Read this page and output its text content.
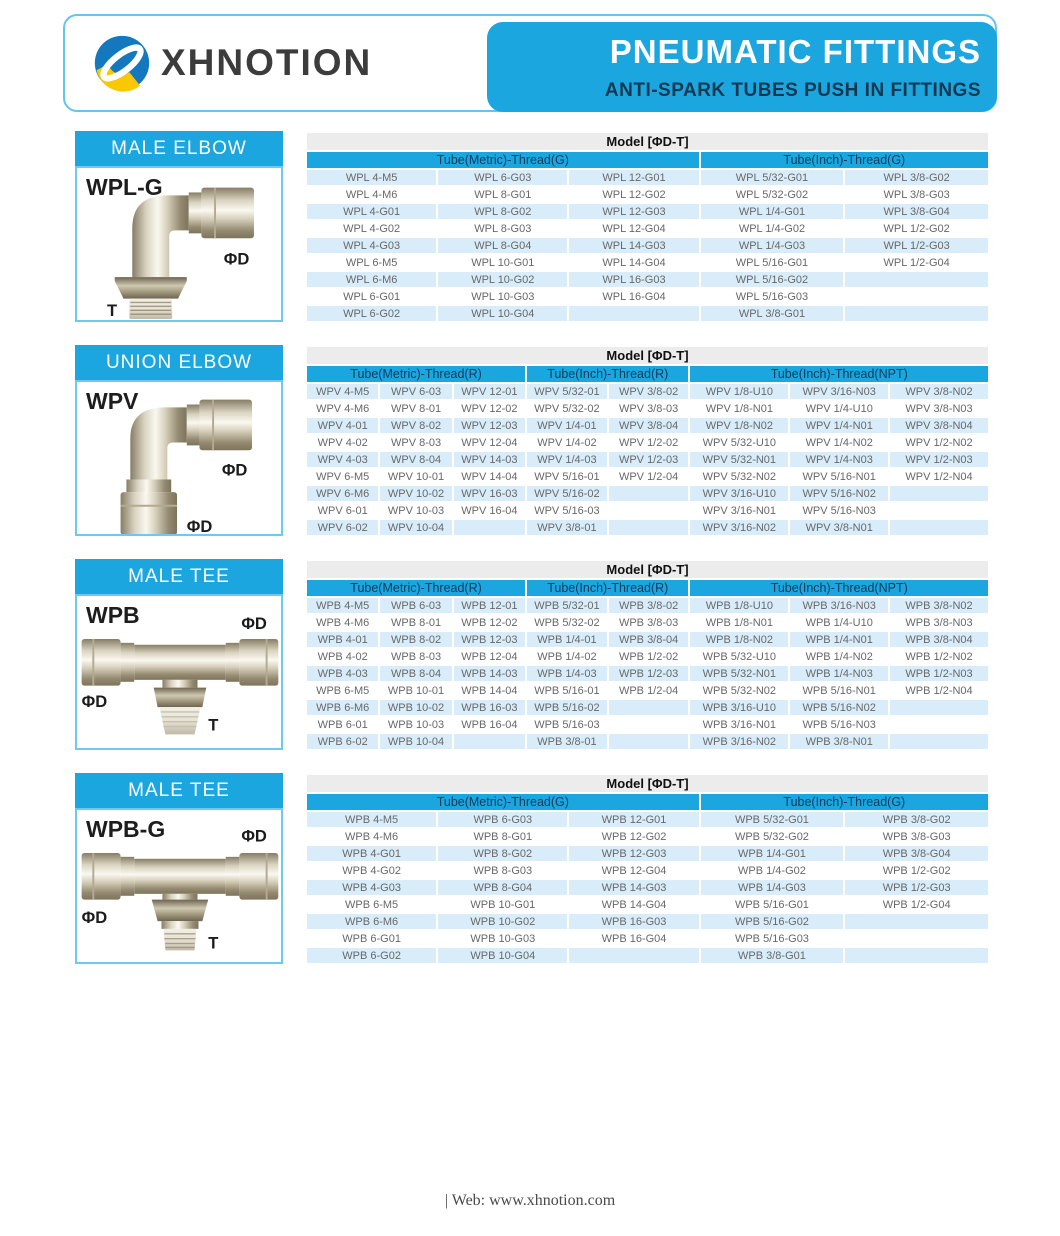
XHNOTION	PNEUMATIC FITTINGS
ANTI-SPARK TUBES PUSH IN FITTINGS
MALE ELBOW
WPL-G
ΦD
T
Model [ΦD-T]				
Tube(Metric)-Thread(G)			Tube(Inch)-Thread(G)	
WPL 4-M5	WPL 6-G03	WPL 12-G01	WPL 5/32-G01	WPL 3/8-G02
WPL 4-M6	WPL 8-G01	WPL 12-G02	WPL 5/32-G02	WPL 3/8-G03
WPL 4-G01	WPL 8-G02	WPL 12-G03	WPL 1/4-G01	WPL 3/8-G04
WPL 4-G02	WPL 8-G03	WPL 12-G04	WPL 1/4-G02	WPL 1/2-G02
WPL 4-G03	WPL 8-G04	WPL 14-G03	WPL 1/4-G03	WPL 1/2-G03
WPL 6-M5	WPL 10-G01	WPL 14-G04	WPL 5/16-G01	WPL 1/2-G04
WPL 6-M6	WPL 10-G02	WPL 16-G03	WPL 5/16-G02	
WPL 6-G01	WPL 10-G03	WPL 16-G04	WPL 5/16-G03	
WPL 6-G02	WPL 10-G04		WPL 3/8-G01	
UNION ELBOW
WPV
ΦD
ΦD
Model [ΦD-T]							
Tube(Metric)-Thread(R)			Tube(Inch)-Thread(R)		Tube(Inch)-Thread(NPT)		
WPV 4-M5	WPV 6-03	WPV 12-01	WPV 5/32-01	WPV 3/8-02	WPV 1/8-U10	WPV 3/16-N03	WPV 3/8-N02
WPV 4-M6	WPV 8-01	WPV 12-02	WPV 5/32-02	WPV 3/8-03	WPV 1/8-N01	WPV 1/4-U10	WPV 3/8-N03
WPV 4-01	WPV 8-02	WPV 12-03	WPV 1/4-01	WPV 3/8-04	WPV 1/8-N02	WPV 1/4-N01	WPV 3/8-N04
WPV 4-02	WPV 8-03	WPV 12-04	WPV 1/4-02	WPV 1/2-02	WPV 5/32-U10	WPV 1/4-N02	WPV 1/2-N02
WPV 4-03	WPV 8-04	WPV 14-03	WPV 1/4-03	WPV 1/2-03	WPV 5/32-N01	WPV 1/4-N03	WPV 1/2-N03
WPV 6-M5	WPV 10-01	WPV 14-04	WPV 5/16-01	WPV 1/2-04	WPV 5/32-N02	WPV 5/16-N01	WPV 1/2-N04
WPV 6-M6	WPV 10-02	WPV 16-03	WPV 5/16-02		WPV 3/16-U10	WPV 5/16-N02	
WPV 6-01	WPV 10-03	WPV 16-04	WPV 5/16-03		WPV 3/16-N01	WPV 5/16-N03	
WPV 6-02	WPV 10-04		WPV 3/8-01		WPV 3/16-N02	WPV 3/8-N01	
MALE TEE
ΦD
ΦD
T
WPB
Model [ΦD-T]							
Tube(Metric)-Thread(R)			Tube(Inch)-Thread(R)		Tube(Inch)-Thread(NPT)		
WPB 4-M5	WPB 6-03	WPB 12-01	WPB 5/32-01	WPB 3/8-02	WPB 1/8-U10	WPB 3/16-N03	WPB 3/8-N02
WPB 4-M6	WPB 8-01	WPB 12-02	WPB 5/32-02	WPB 3/8-03	WPB 1/8-N01	WPB 1/4-U10	WPB 3/8-N03
WPB 4-01	WPB 8-02	WPB 12-03	WPB 1/4-01	WPB 3/8-04	WPB 1/8-N02	WPB 1/4-N01	WPB 3/8-N04
WPB 4-02	WPB 8-03	WPB 12-04	WPB 1/4-02	WPB 1/2-02	WPB 5/32-U10	WPB 1/4-N02	WPB 1/2-N02
WPB 4-03	WPB 8-04	WPB 14-03	WPB 1/4-03	WPB 1/2-03	WPB 5/32-N01	WPB 1/4-N03	WPB 1/2-N03
WPB 6-M5	WPB 10-01	WPB 14-04	WPB 5/16-01	WPB 1/2-04	WPB 5/32-N02	WPB 5/16-N01	WPB 1/2-N04
WPB 6-M6	WPB 10-02	WPB 16-03	WPB 5/16-02		WPB 3/16-U10	WPB 5/16-N02	
WPB 6-01	WPB 10-03	WPB 16-04	WPB 5/16-03		WPB 3/16-N01	WPB 5/16-N03	
WPB 6-02	WPB 10-04		WPB 3/8-01		WPB 3/16-N02	WPB 3/8-N01	
MALE TEE
ΦD
ΦD
T
WPB-G
Model [ΦD-T]				
Tube(Metric)-Thread(G)			Tube(Inch)-Thread(G)	
WPB 4-M5	WPB 6-G03	WPB 12-G01	WPB 5/32-G01	WPB 3/8-G02
WPB 4-M6	WPB 8-G01	WPB 12-G02	WPB 5/32-G02	WPB 3/8-G03
WPB 4-G01	WPB 8-G02	WPB 12-G03	WPB 1/4-G01	WPB 3/8-G04
WPB 4-G02	WPB 8-G03	WPB 12-G04	WPB 1/4-G02	WPB 1/2-G02
WPB 4-G03	WPB 8-G04	WPB 14-G03	WPB 1/4-G03	WPB 1/2-G03
WPB 6-M5	WPB 10-G01	WPB 14-G04	WPB 5/16-G01	WPB 1/2-G04
WPB 6-M6	WPB 10-G02	WPB 16-G03	WPB 5/16-G02	
WPB 6-G01	WPB 10-G03	WPB 16-G04	WPB 5/16-G03	
WPB 6-G02	WPB 10-G04		WPB 3/8-G01	
| Web: www.xhnotion.com
